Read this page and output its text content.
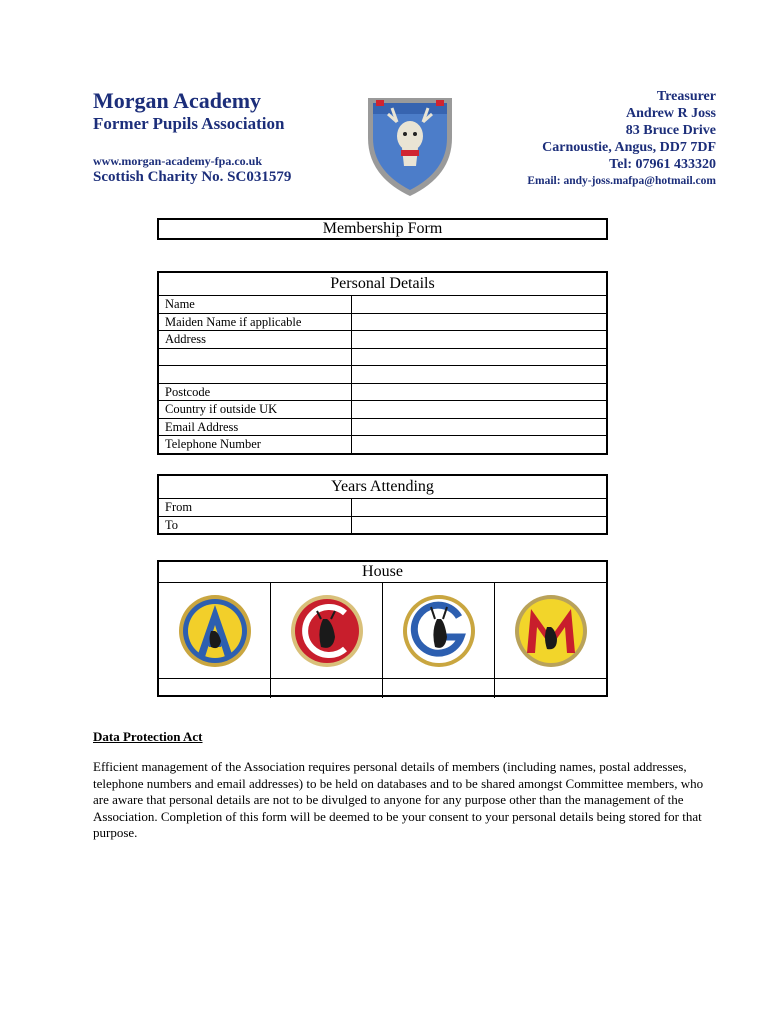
Morgan Academy
Former Pupils Association
www.morgan-academy-fpa.co.uk
Scottish Charity No. SC031579
Treasurer
Andrew R Joss
83 Bruce Drive
Carnoustie, Angus, DD7 7DF
Tel: 07961 433320
Email: andy-joss.mafpa@hotmail.com
Membership Form
Personal Details
Name
Maiden Name if applicable
Address
Postcode
Country if outside UK
Email Address
Telephone Number
Years Attending
From
To
House
Data Protection Act
Efficient management of the Association requires personal details of members (including names, postal addresses, telephone numbers and email addresses) to be held on databases and to be shared amongst Committee members, who are aware that personal details are not to be divulged to anyone for any purpose other than the management of the Association. Completion of this form will be deemed to be your consent to your personal details being stored for that purpose.
